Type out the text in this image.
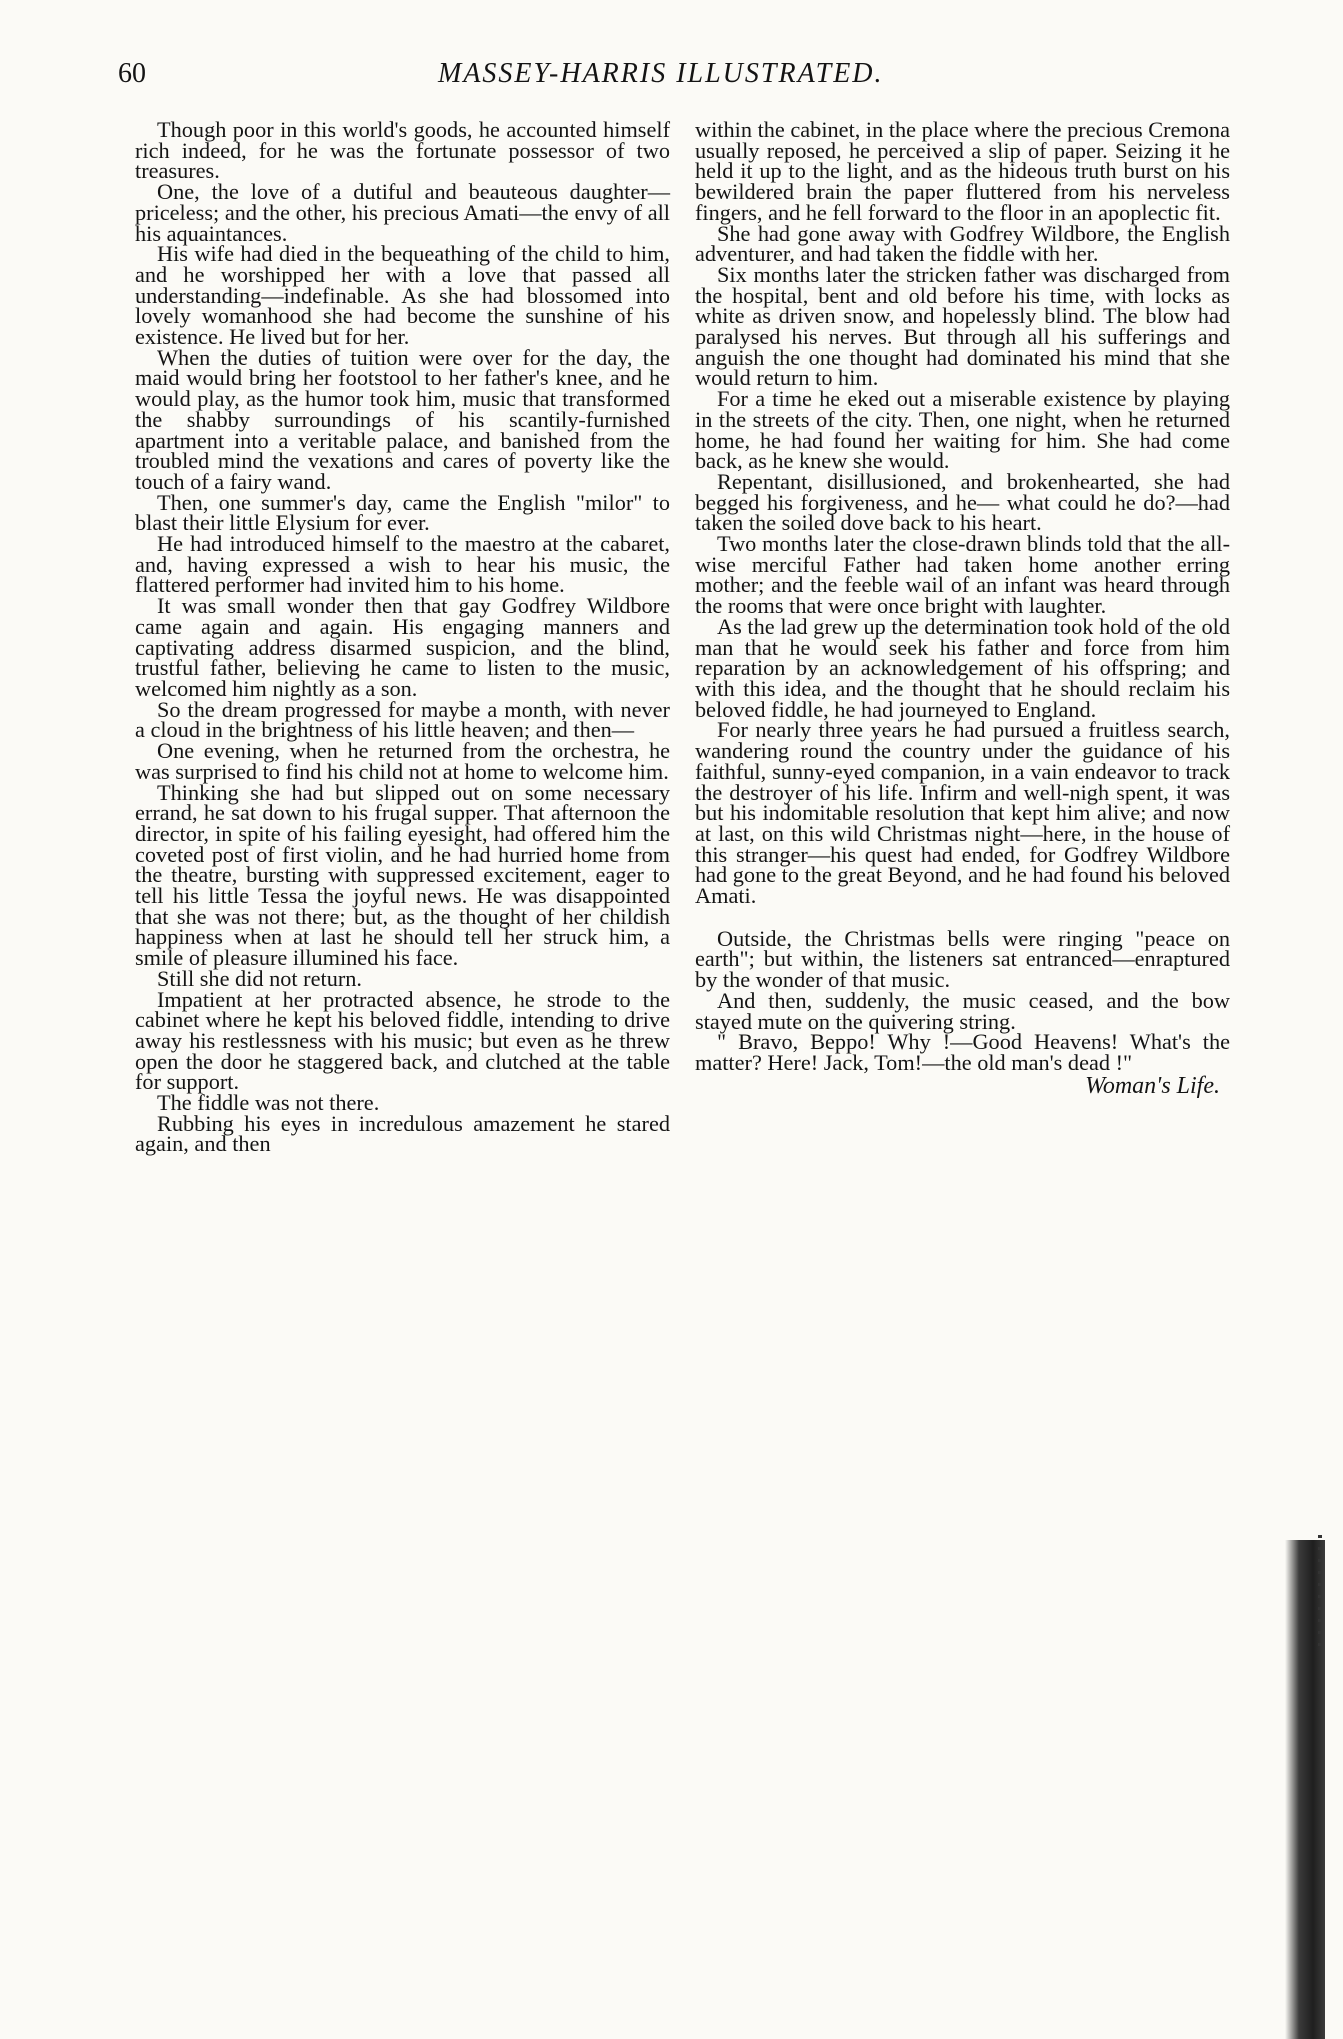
60	MASSEY-HARRIS ILLUSTRATED.

Though poor in this world's goods, he accounted himself rich indeed, for he was the fortunate possessor of two treasures.

One, the love of a dutiful and beauteous daughter—priceless; and the other, his precious Amati—the envy of all his aquaintances.

His wife had died in the bequeathing of the child to him, and he worshipped her with a love that passed all understanding—indefinable. As she had blossomed into lovely womanhood she had become the sunshine of his existence. He lived but for her.

When the duties of tuition were over for the day, the maid would bring her footstool to her father's knee, and he would play, as the humor took him, music that transformed the shabby surroundings of his scantily-furnished apartment into a veritable palace, and banished from the troubled mind the vexations and cares of poverty like the touch of a fairy wand.

Then, one summer's day, came the English "milor" to blast their little Elysium for ever.

He had introduced himself to the maestro at the cabaret, and, having expressed a wish to hear his music, the flattered performer had invited him to his home.

It was small wonder then that gay Godfrey Wildbore came again and again. His engaging manners and captivating address disarmed suspicion, and the blind, trustful father, believing he came to listen to the music, welcomed him nightly as a son.

So the dream progressed for maybe a month, with never a cloud in the brightness of his little heaven; and then—

One evening, when he returned from the orchestra, he was surprised to find his child not at home to welcome him.

Thinking she had but slipped out on some necessary errand, he sat down to his frugal supper. That afternoon the director, in spite of his failing eyesight, had offered him the coveted post of first violin, and he had hurried home from the theatre, bursting with suppressed excitement, eager to tell his little Tessa the joyful news. He was disappointed that she was not there; but, as the thought of her childish happiness when at last he should tell her struck him, a smile of pleasure illumined his face.

Still she did not return.

Impatient at her protracted absence, he strode to the cabinet where he kept his beloved fiddle, intending to drive away his restlessness with his music; but even as he threw open the door he staggered back, and clutched at the table for support.

The fiddle was not there.

Rubbing his eyes in incredulous amazement he stared again, and then

within the cabinet, in the place where the precious Cremona usually reposed, he perceived a slip of paper. Seizing it he held it up to the light, and as the hideous truth burst on his bewildered brain the paper fluttered from his nerveless fingers, and he fell forward to the floor in an apoplectic fit.

She had gone away with Godfrey Wildbore, the English adventurer, and had taken the fiddle with her.

Six months later the stricken father was discharged from the hospital, bent and old before his time, with locks as white as driven snow, and hopelessly blind. The blow had paralysed his nerves. But through all his sufferings and anguish the one thought had dominated his mind that she would return to him.

For a time he eked out a miserable existence by playing in the streets of the city. Then, one night, when he returned home, he had found her waiting for him. She had come back, as he knew she would.

Repentant, disillusioned, and brokenhearted, she had begged his forgiveness, and he— what could he do?—had taken the soiled dove back to his heart.

Two months later the close-drawn blinds told that the all-wise merciful Father had taken home another erring mother; and the feeble wail of an infant was heard through the rooms that were once bright with laughter.

As the lad grew up the determination took hold of the old man that he would seek his father and force from him reparation by an acknowledgement of his offspring; and with this idea, and the thought that he should reclaim his beloved fiddle, he had journeyed to England.

For nearly three years he had pursued a fruitless search, wandering round the country under the guidance of his faithful, sunny-eyed companion, in a vain endeavor to track the destroyer of his life. Infirm and well-nigh spent, it was but his indomitable resolution that kept him alive; and now at last, on this wild Christmas night—here, in the house of this stranger—his quest had ended, for Godfrey Wildbore had gone to the great Beyond, and he had found his beloved Amati.

Outside, the Christmas bells were ringing "peace on earth"; but within, the listeners sat entranced—enraptured by the wonder of that music.

And then, suddenly, the music ceased, and the bow stayed mute on the quivering string.

" Bravo, Beppo! Why !—Good Heavens! What's the matter? Here! Jack, Tom!—the old man's dead !"

Woman's Life.
